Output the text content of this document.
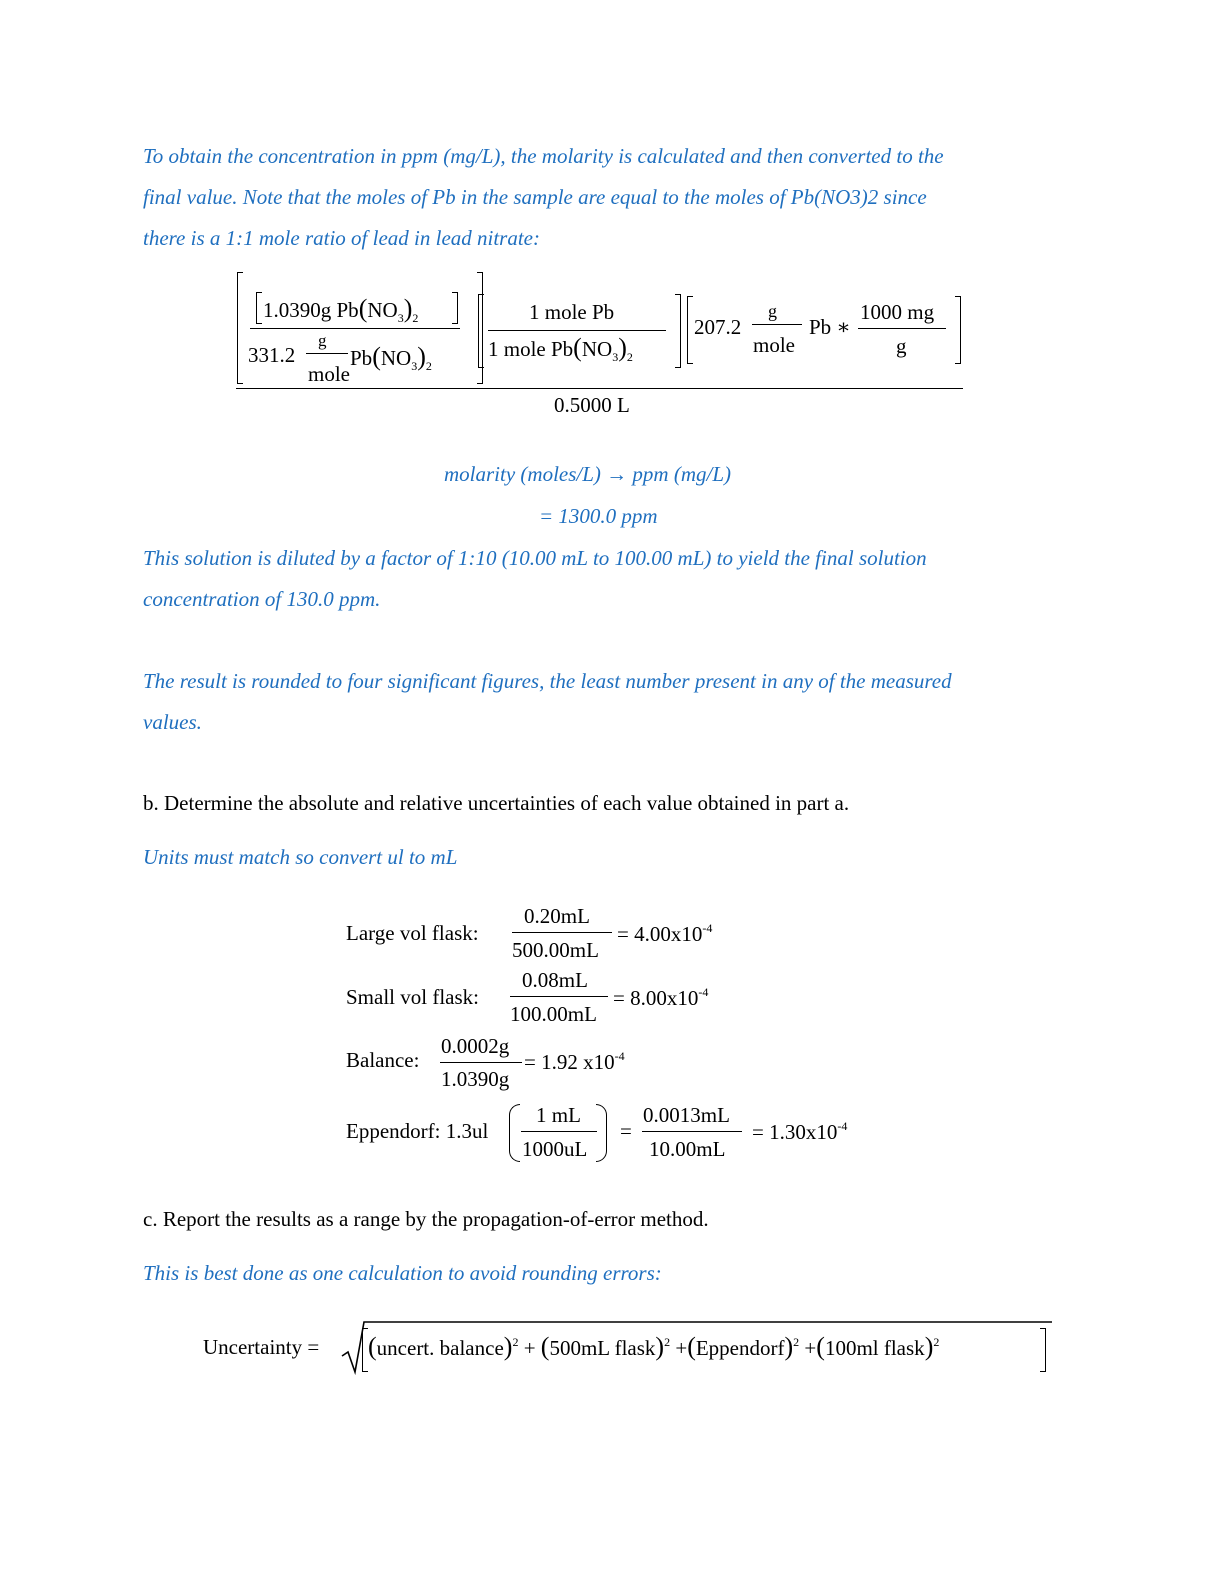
To obtain the concentration in ppm (mg/L), the molarity is calculated and then converted to the
final value. Note that the moles of Pb in the sample are equal to the moles of Pb(NO3)2 since
there is a 1:1 mole ratio of lead in lead nitrate:
1.0390g $Pb(NO_3)_2$
331.2
g
mole
$Pb(NO_3)_2$
1 mole Pb
1 mole $Pb(NO_3)_2$
207.2
g
mole
Pb ∗
1000 mg
g
0.5000 L
molarity (moles/L) → ppm (mg/L)
= 1300.0 ppm
This solution is diluted by a factor of 1:10 (10.00 mL to 100.00 mL) to yield the final solution
concentration of 130.0 ppm.
The result is rounded to four significant figures, the least number present in any of the measured
values.
b. Determine the absolute and relative uncertainties of each value obtained in part a.
Units must match so convert ul to mL
Large vol flask:
0.20mL
500.00mL
= $4.00x10^{-4}$
Small vol flask:
0.08mL
100.00mL
= $8.00x10^{-4}$
Balance:
0.0002g
1.0390g
= 1.92 $x10^{-4}$
Eppendorf: 1.3ul
1 mL
1000uL
=
0.0013mL
10.00mL
= $1.30x10^{-4}$
c. Report the results as a range by the propagation-of-error method.
This is best done as one calculation to avoid rounding errors:
Uncertainty = (uncert. balance)$^2$ + (500mL flask)$^2$ +(Eppendorf)$^2$ +(100ml flask)$^2$
